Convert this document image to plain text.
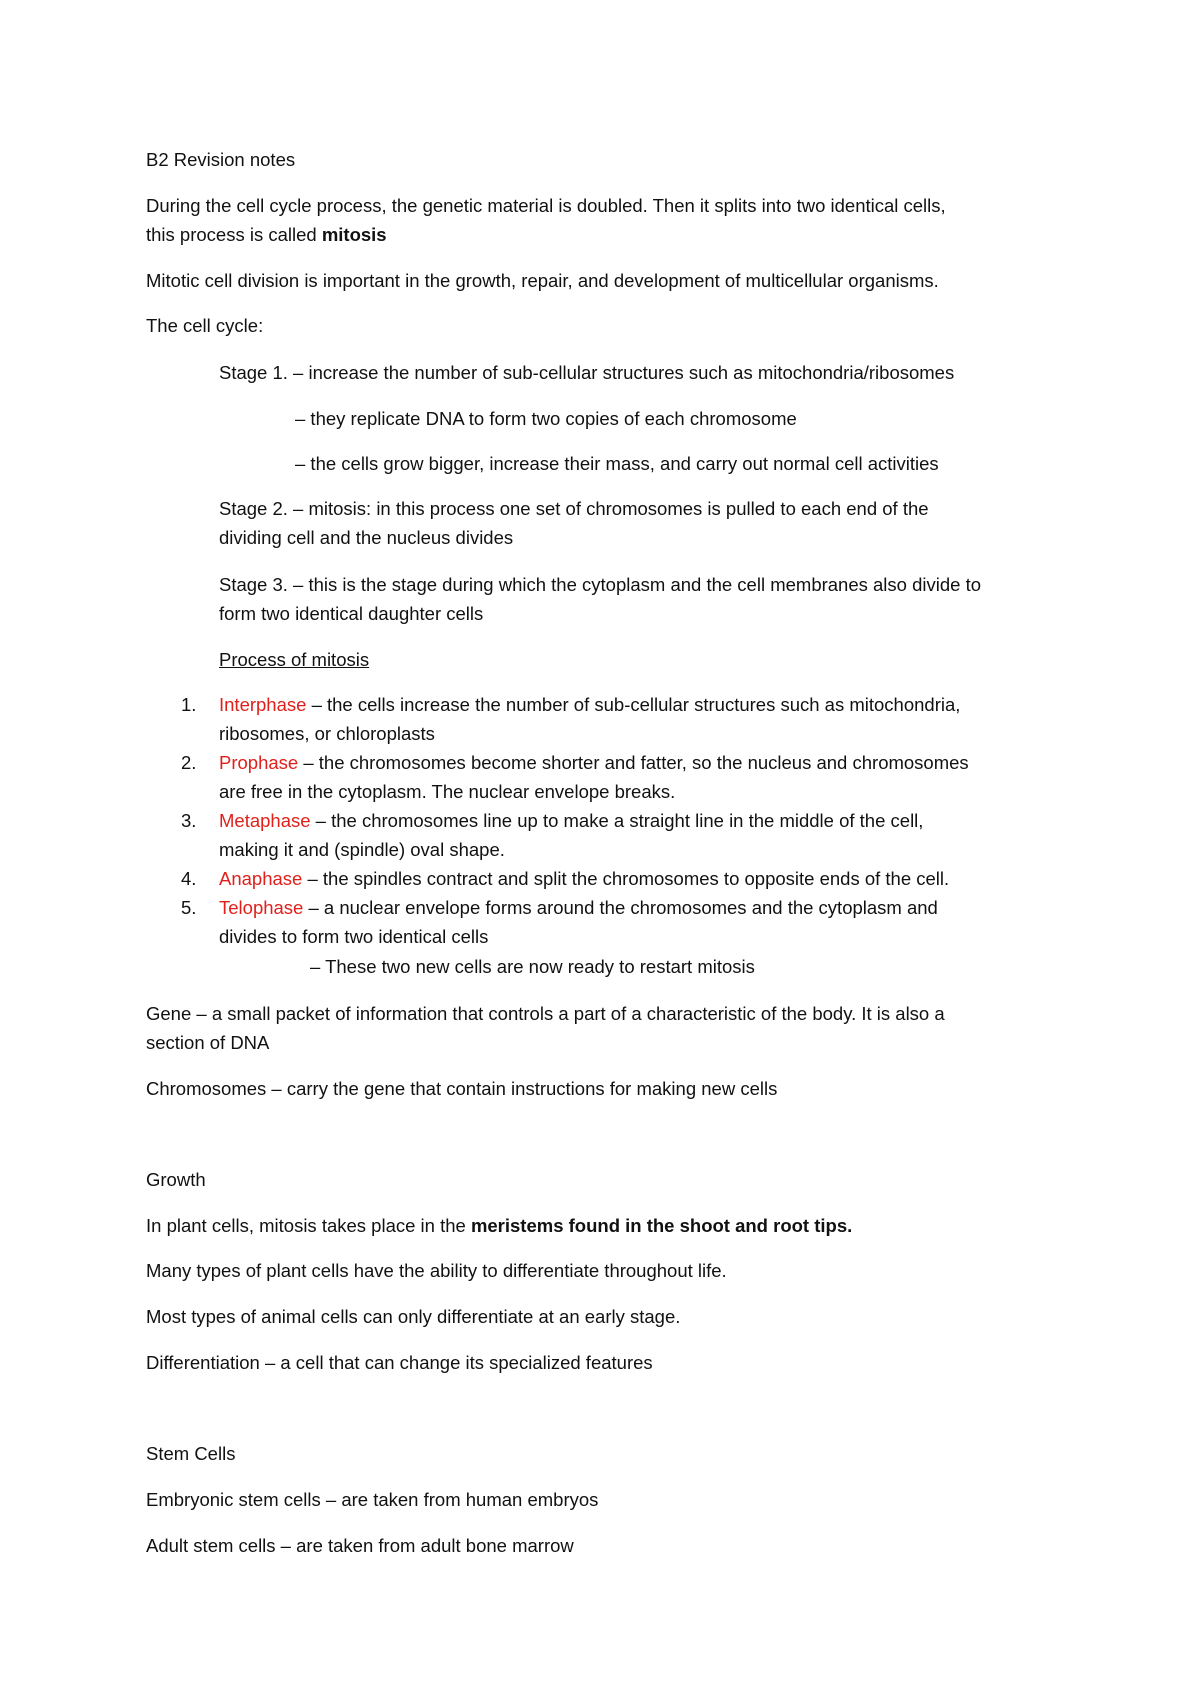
B2 Revision notes
During the cell cycle process, the genetic material is doubled. Then it splits into two identical cells,
this process is called mitosis
Mitotic cell division is important in the growth, repair, and development of multicellular organisms.
The cell cycle:
Stage 1. – increase the number of sub-cellular structures such as mitochondria/ribosomes
– they replicate DNA to form two copies of each chromosome
– the cells grow bigger, increase their mass, and carry out normal cell activities
Stage 2. – mitosis: in this process one set of chromosomes is pulled to each end of the
dividing cell and the nucleus divides
Stage 3. – this is the stage during which the cytoplasm and the cell membranes also divide to
form two identical daughter cells
Process of mitosis
1. Interphase – the cells increase the number of sub-cellular structures such as mitochondria,
ribosomes, or chloroplasts
2. Prophase – the chromosomes become shorter and fatter, so the nucleus and chromosomes
are free in the cytoplasm. The nuclear envelope breaks.
3. Metaphase – the chromosomes line up to make a straight line in the middle of the cell,
making it and (spindle) oval shape.
4. Anaphase – the spindles contract and split the chromosomes to opposite ends of the cell.
5. Telophase – a nuclear envelope forms around the chromosomes and the cytoplasm and
divides to form two identical cells
– These two new cells are now ready to restart mitosis
Gene – a small packet of information that controls a part of a characteristic of the body. It is also a
section of DNA
Chromosomes – carry the gene that contain instructions for making new cells
Growth
In plant cells, mitosis takes place in the meristems found in the shoot and root tips.
Many types of plant cells have the ability to differentiate throughout life.
Most types of animal cells can only differentiate at an early stage.
Differentiation – a cell that can change its specialized features
Stem Cells
Embryonic stem cells – are taken from human embryos
Adult stem cells – are taken from adult bone marrow
